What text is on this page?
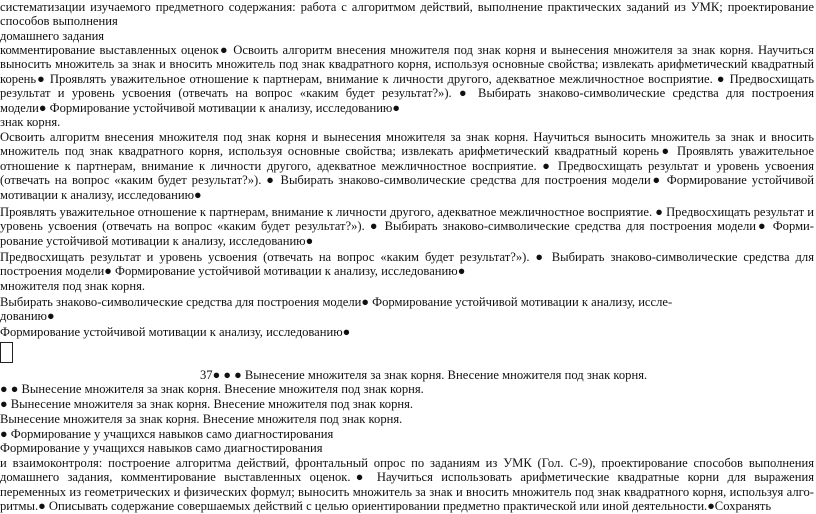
систематизации изучаемого предметного содержания: работа с алгоритмом действий, выполнение практических заданий из УМК; проектирование
способов выполнения
домашнего задания
комментирование выставленных оценок● Освоить алгоритм внесения множителя под знак корня и вынесения множителя за знак корня. Научиться
выносить множитель за знак и вносить множитель под знак квадратного корня, используя основные свойства; извлекать арифметический квадратный
корень● Проявлять уважительное отношение к партнерам, внимание к личности другого, адекватное межличностное восприятие. ● Предвосхищать
результат и уровень усвоения (отвечать на вопрос «каким будет результат?»). ● Выбирать знаково-символические средства для построения
модели● Формирование устойчивой мотивации к анализу, исследованию●
знак корня.
Освоить алгоритм внесения множителя под знак корня и вынесения множителя за знак корня. Научиться выносить множитель за знак и вносить
множитель под знак квадратного корня, используя основные свойства; извлекать арифметический квадратный корень● Проявлять уважительное
отношение к партнерам, внимание к личности другого, адекватное межличностное восприятие. ● Предвосхищать результат и уровень усвоения
(отвечать на вопрос «каким будет результат?»). ● Выбирать знаково-символические средства для построения модели● Формирование устойчивой
мотивации к анализу, исследованию●
Проявлять уважительное отношение к партнерам, внимание к личности другого, адекватное межличностное восприятие. ● Предвосхищать результат и
уровень усвоения (отвечать на вопрос «каким будет результат?»). ● Выбирать знаково-символические средства для построения модели● Форми-
рование устойчивой мотивации к анализу, исследованию●
Предвосхищать результат и уровень усвоения (отвечать на вопрос «каким будет результат?»). ● Выбирать знаково-символические средства для
построения модели● Формирование устойчивой мотивации к анализу, исследованию●
множителя под знак корня.
Выбирать знаково-символические средства для построения модели● Формирование устойчивой мотивации к анализу, иссле-
дованию●
Формирование устойчивой мотивации к анализу, исследованию●
37● ● ● Вынесение множителя за знак корня. Внесение множителя под знак корня.
● ● Вынесение множителя за знак корня. Внесение множителя под знак корня.
● Вынесение множителя за знак корня. Внесение множителя под знак корня.
Вынесение множителя за знак корня. Внесение множителя под знак корня.
● Формирование у учащихся навыков само диагностирования
Формирование у учащихся навыков само диагностирования
и взаимоконтроля: построение алгоритма действий, фронтальный опрос по заданиям из УМК (Гол. С-9), проектирование способов выполнения
домашнего задания, комментирование выставленных оценок.● Научиться использовать арифметические квадратные корни для выражения
переменных из геометрических и физических формул; выносить множитель за знак и вносить множитель под знак квадратного корня, используя алго-
ритмы.● Описывать содержание совершаемых действий с целью ориентировании предметно практической или иной деятельности.●Сохранять
